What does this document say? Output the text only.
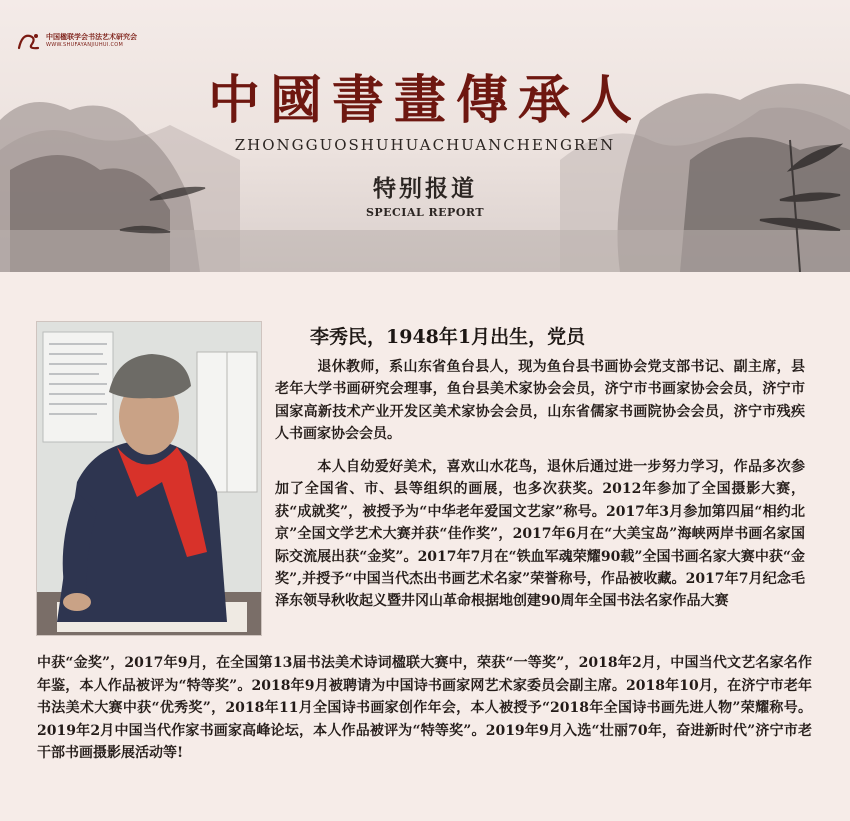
中国楹联学会书法艺术研究会
WWW.SHUFAYANJIUHUI.COM
中國書畫傳承人
ZHONGGUOSHUHUACHUANCHENGREN
特别报道
SPECIAL REPORT
李秀民，1948年1月出生，党员

退休教师，系山东省鱼台县人，现为鱼台县书画协会党支部书记、副主席，县老年大学书画研究会理事，鱼台县美术家协会会员，济宁市书画家协会会员，济宁市国家高新技术产业开发区美术家协会会员，山东省儒家书画院协会会员，济宁市残疾人书画家协会会员。

本人自幼爱好美术，喜欢山水花鸟，退休后通过进一步努力学习，作品多次参加了全国省、市、县等组织的画展，也多次获奖。2012年参加了全国摄影大赛，获“成就奖”，被授予为“中华老年爱国文艺家”称号。2017年3月参加第四届“相约北京”全国文学艺术大赛并获“佳作奖”，2017年6月在“大美宝岛”海峡两岸书画名家国际交流展出获“金奖”。2017年7月在“铁血军魂荣耀90载”全国书画名家大赛中获“金奖”,并授予“中国当代杰出书画艺术名家”荣誉称号，作品被收藏。2017年7月纪念毛泽东领导秋收起义暨井冈山革命根据地创建90周年全国书法名家作品大赛

中获“金奖”，2017年9月，在全国第13届书法美术诗词楹联大赛中，荣获“一等奖”，2018年2月，中国当代文艺名家名作年鉴，本人作品被评为“特等奖”。2018年9月被聘请为中国诗书画家网艺术家委员会副主席。2018年10月，在济宁市老年书法美术大赛中获“优秀奖”，2018年11月全国诗书画家创作年会，本人被授予“2018年全国诗书画先进人物”荣耀称号。2019年2月中国当代作家书画家高峰论坛，本人作品被评为“特等奖”。2019年9月入选“壮丽70年，奋进新时代”济宁市老干部书画摄影展活动等!
